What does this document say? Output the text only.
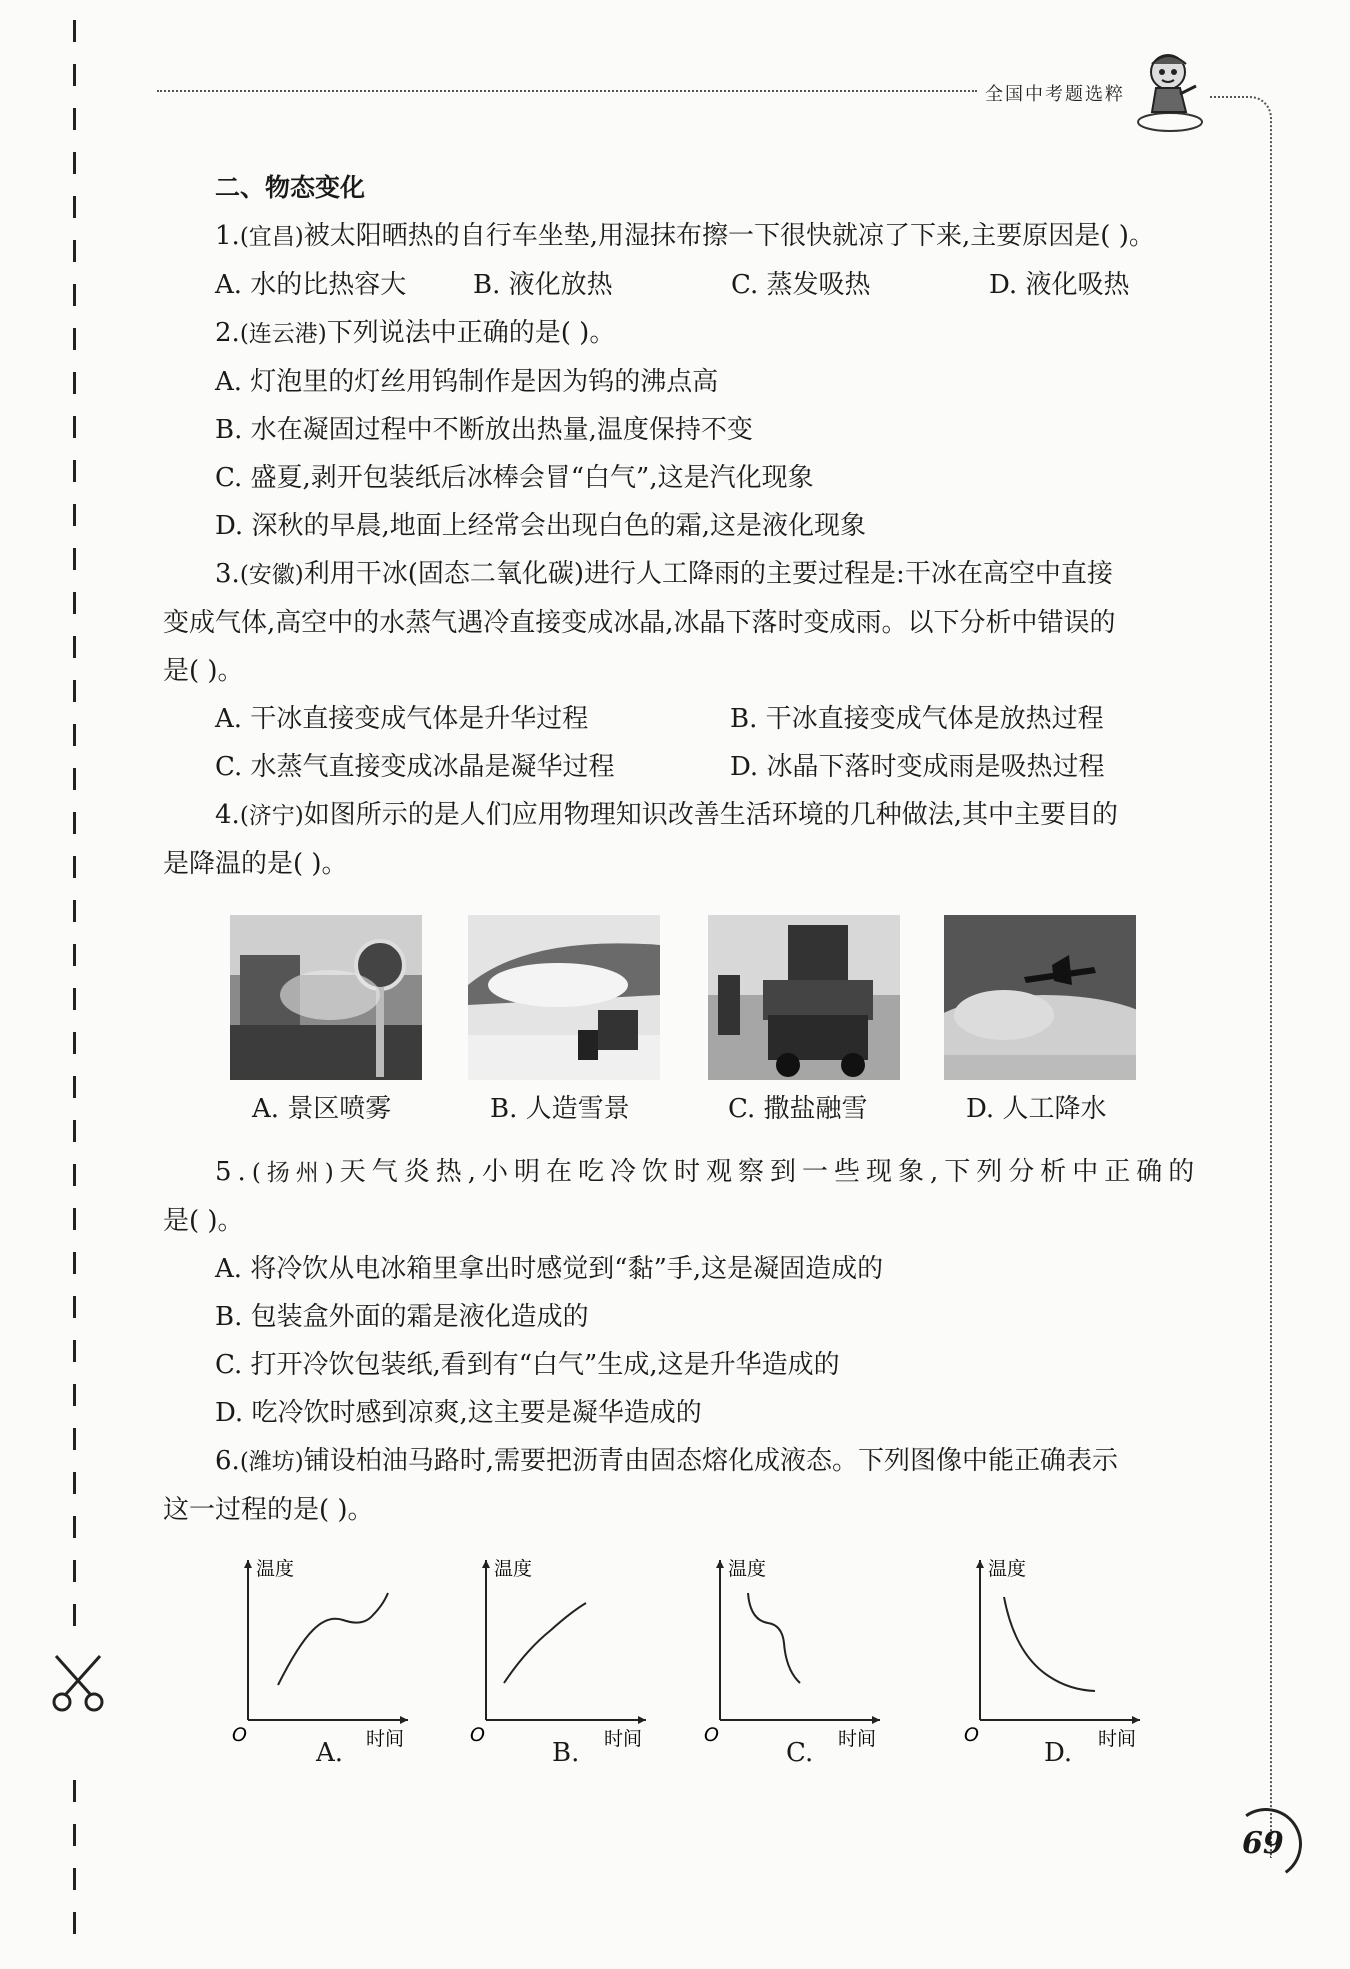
全国中考题选粹

二、物态变化

1.(宜昌)被太阳晒热的自行车坐垫,用湿抹布擦一下很快就凉了下来,主要原因是( )。

A. 水的比热容大	B. 液化放热	C. 蒸发吸热	D. 液化吸热

2.(连云港)下列说法中正确的是( )。

A. 灯泡里的灯丝用钨制作是因为钨的沸点高

B. 水在凝固过程中不断放出热量,温度保持不变

C. 盛夏,剥开包装纸后冰棒会冒“白气”,这是汽化现象

D. 深秋的早晨,地面上经常会出现白色的霜,这是液化现象

3.(安徽)利用干冰(固态二氧化碳)进行人工降雨的主要过程是:干冰在高空中直接

变成气体,高空中的水蒸气遇冷直接变成冰晶,冰晶下落时变成雨。以下分析中错误的

是( )。

A. 干冰直接变成气体是升华过程	B. 干冰直接变成气体是放热过程

C. 水蒸气直接变成冰晶是凝华过程	D. 冰晶下落时变成雨是吸热过程

4.(济宁)如图所示的是人们应用物理知识改善生活环境的几种做法,其中主要目的

是降温的是( )。

A. 景区喷雾	B. 人造雪景	C. 撒盐融雪	D. 人工降水

5.(扬州)天气炎热,小明在吃冷饮时观察到一些现象,下列分析中正确的

是( )。

A. 将冷饮从电冰箱里拿出时感觉到“黏”手,这是凝固造成的

B. 包装盒外面的霜是液化造成的

C. 打开冷饮包装纸,看到有“白气”生成,这是升华造成的

D. 吃冷饮时感到凉爽,这主要是凝华造成的

6.(潍坊)铺设柏油马路时,需要把沥青由固态熔化成液态。下列图像中能正确表示

这一过程的是( )。

温度
时间
O
温度
时间
O
温度
时间
O
温度
时间
O
A.	B.	C.	D.
69
